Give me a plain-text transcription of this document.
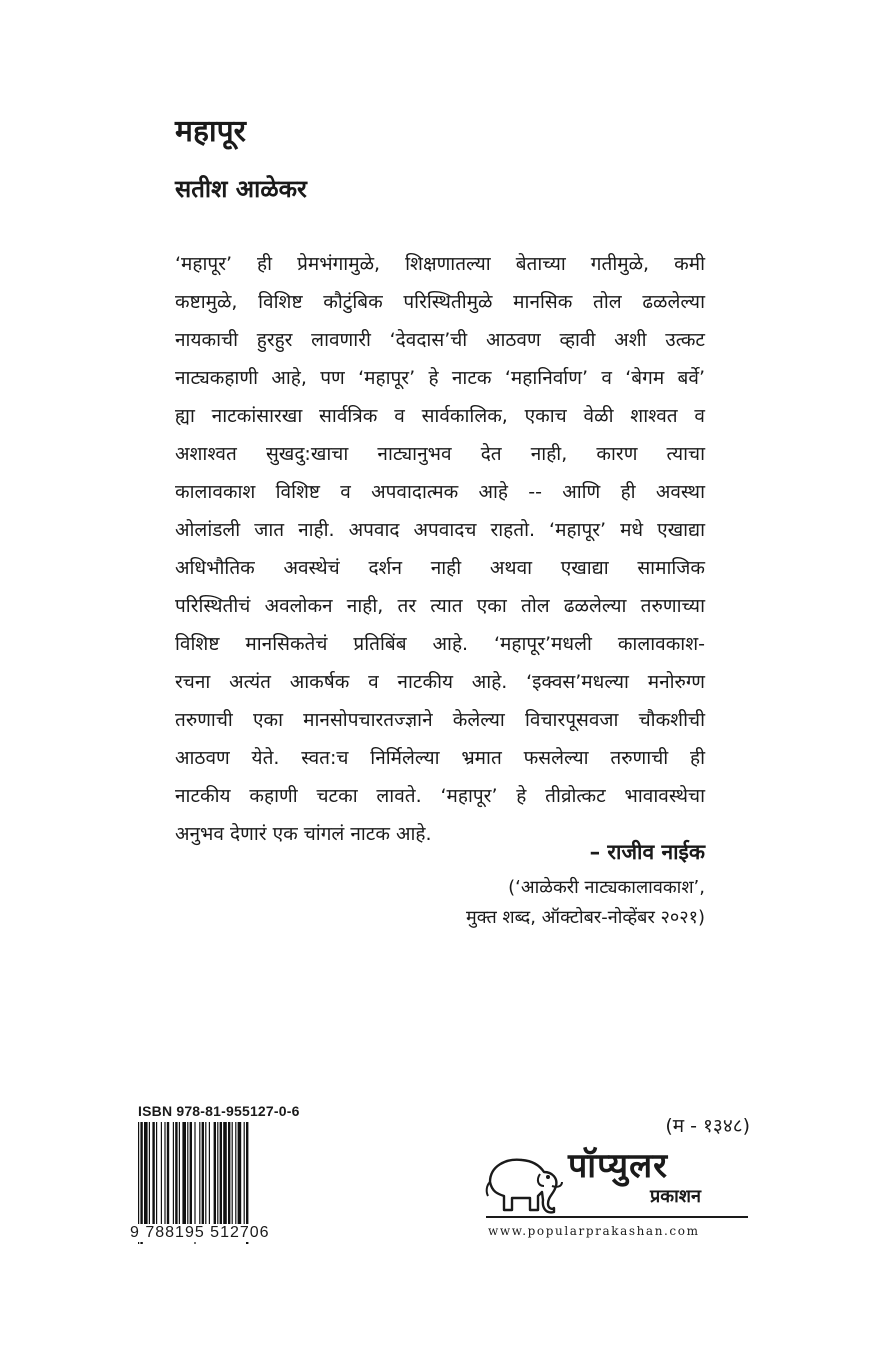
महापूर
सतीश आळेकर
‘महापूर’ ही प्रेमभंगामुळे, शिक्षणातल्या बेताच्या गतीमुळे, कमी
कष्टामुळे, विशिष्ट कौटुंबिक परिस्थितीमुळे मानसिक तोल ढळलेल्या
नायकाची हुरहुर लावणारी ‘देवदास’ची आठवण व्हावी अशी उत्कट
नाट्यकहाणी आहे, पण ‘महापूर’ हे नाटक ‘महानिर्वाण’ व ‘बेगम बर्वे’
ह्या नाटकांसारखा सार्वत्रिक व सार्वकालिक, एकाच वेळी शाश्वत व
अशाश्वत सुखदु:खाचा नाट्यानुभव देत नाही, कारण त्याचा
कालावकाश विशिष्ट व अपवादात्मक आहे -- आणि ही अवस्था
ओलांडली जात नाही. अपवाद अपवादच राहतो. ‘महापूर’ मधे एखाद्या
अधिभौतिक अवस्थेचं दर्शन नाही अथवा एखाद्या सामाजिक
परिस्थितीचं अवलोकन नाही, तर त्यात एका तोल ढळलेल्या तरुणाच्या
विशिष्ट मानसिकतेचं प्रतिबिंब आहे. ‘महापूर’मधली कालावकाश-
रचना अत्यंत आकर्षक व नाटकीय आहे. ‘इक्वस’मधल्या मनोरुग्ण
तरुणाची एका मानसोपचारतज्ज्ञाने केलेल्या विचारपूसवजा चौकशीची
आठवण येते. स्वत:च निर्मिलेल्या भ्रमात फसलेल्या तरुणाची ही
नाटकीय कहाणी चटका लावते. ‘महापूर’ हे तीव्रोत्कट भावावस्थेचा
अनुभव देणारं एक चांगलं नाटक आहे.
– राजीव नाईक
(‘आळेकरी नाट्यकालावकाश’,
मुक्त शब्द, ऑक्टोबर-नोव्हेंबर २०२१)
ISBN 978-81-955127-0-6
9 788195 512706
(म - १३४८)
पॉप्युलर
प्रकाशन
www.popularprakashan.com
